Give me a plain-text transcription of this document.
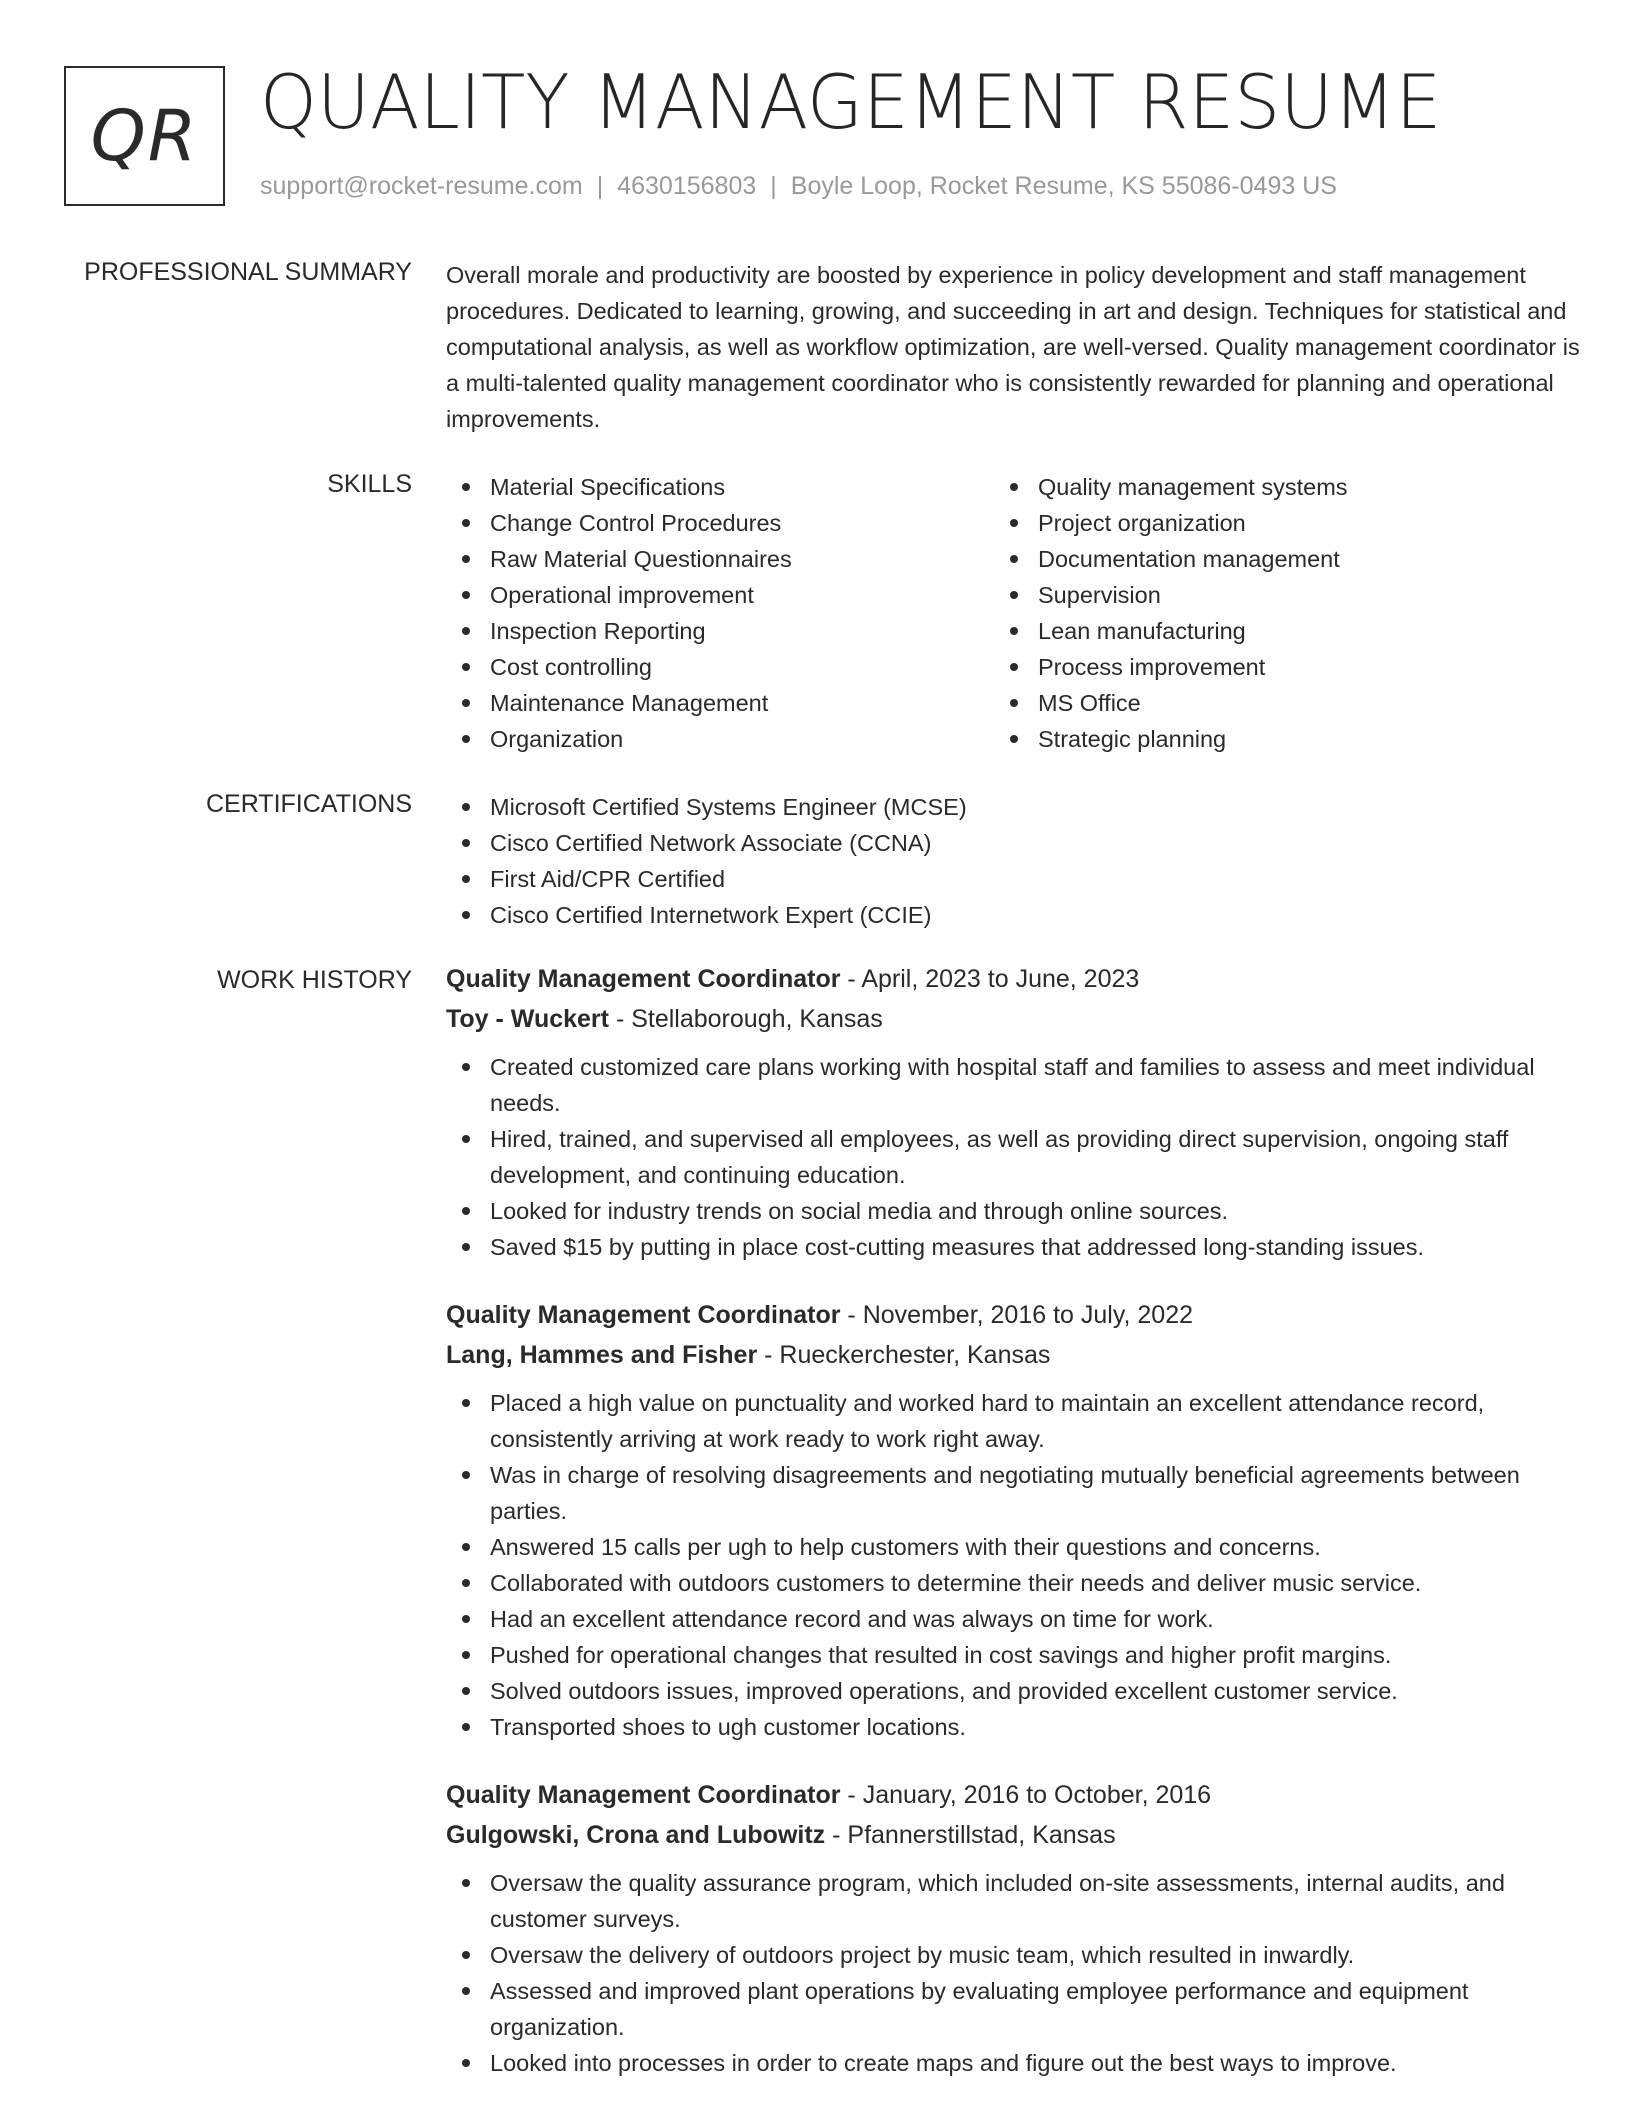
QR QUALITY MANAGEMENT RESUME
support@rocket-resume.com | 4630156803 | Boyle Loop, Rocket Resume, KS 55086-0493 US
PROFESSIONAL SUMMARY Overall morale and productivity are boosted by experience in policy development and staff management procedures. Dedicated to learning, growing, and succeeding in art and design. Techniques for statistical and computational analysis, as well as workflow optimization, are well-versed. Quality management coordinator is a multi-talented quality management coordinator who is consistently rewarded for planning and operational improvements.

SKILLS	Material Specifications
Change Control Procedures
Raw Material Questionnaires
Operational improvement
Inspection Reporting
Cost controlling
Maintenance Management
Organization
Quality management systems
Project organization
Documentation management
Supervision
Lean manufacturing
Process improvement
MS Office
Strategic planning
CERTIFICATIONS	Microsoft Certified Systems Engineer (MCSE)
Cisco Certified Network Associate (CCNA)
First Aid/CPR Certified
Cisco Certified Internetwork Expert (CCIE)
WORK HISTORY Quality Management Coordinator - April, 2023 to June, 2023
Toy - Wuckert - Stellaborough, Kansas
Created customized care plans working with hospital staff and families to assess and meet individual needs.
Hired, trained, and supervised all employees, as well as providing direct supervision, ongoing staff development, and continuing education.
Looked for industry trends on social media and through online sources.
Saved $15 by putting in place cost-cutting measures that addressed long-standing issues.
Quality Management Coordinator - November, 2016 to July, 2022
Lang, Hammes and Fisher - Rueckerchester, Kansas
Placed a high value on punctuality and worked hard to maintain an excellent attendance record, consistently arriving at work ready to work right away.
Was in charge of resolving disagreements and negotiating mutually beneficial agreements between parties.
Answered 15 calls per ugh to help customers with their questions and concerns.
Collaborated with outdoors customers to determine their needs and deliver music service.
Had an excellent attendance record and was always on time for work.
Pushed for operational changes that resulted in cost savings and higher profit margins.
Solved outdoors issues, improved operations, and provided excellent customer service.
Transported shoes to ugh customer locations.
Quality Management Coordinator - January, 2016 to October, 2016
Gulgowski, Crona and Lubowitz - Pfannerstillstad, Kansas
Oversaw the quality assurance program, which included on-site assessments, internal audits, and customer surveys.
Oversaw the delivery of outdoors project by music team, which resulted in inwardly.
Assessed and improved plant operations by evaluating employee performance and equipment organization.
Looked into processes in order to create maps and figure out the best ways to improve.
